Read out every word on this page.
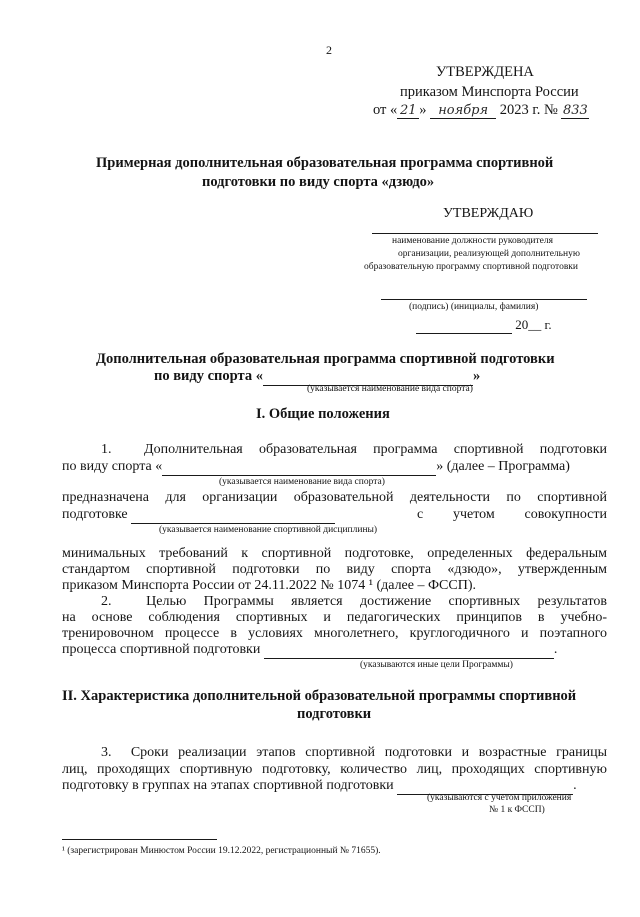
2
УТВЕРЖДЕНА
приказом Минспорта России
от « 21 » ноября 2023 г. № 833
Примерная дополнительная образовательная программа спортивной
подготовки по виду спорта «дзюдо»
УТВЕРЖДАЮ
наименование должности руководителя
организации, реализующей дополнительную
образовательную программу спортивной подготовки
(подпись) (инициалы, фамилия)
20__ г.
Дополнительная образовательная программа спортивной подготовки
по виду спорта «	»
(указывается наименование вида спорта)
I. Общие положения
1.  Дополнительная образовательная программа спортивной подготовки
по виду спорта «	» (далее – Программа)
(указывается наименование вида спорта)
предназначена для организации образовательной деятельности по спортивной
подготовке	с учетом совокупности
(указывается наименование спортивной дисциплины)
минимальных требований к спортивной подготовке, определенных федеральным
стандартом спортивной подготовки по виду спорта «дзюдо», утвержденным
приказом Минспорта России от 24.11.2022 № 1074 ¹ (далее – ФССП).
2.  Целью Программы является достижение спортивных результатов
на основе соблюдения спортивных и педагогических принципов в учебно-
тренировочном процессе в условиях многолетнего, круглогодичного и поэтапного
процесса спортивной подготовки	.
(указываются иные цели Программы)
II. Характеристика дополнительной образовательной программы спортивной
подготовки
3.  Сроки реализации этапов спортивной подготовки и возрастные границы
лиц, проходящих спортивную подготовку, количество лиц, проходящих спортивную
подготовку в группах на этапах спортивной подготовки	.
(указываются с учетом приложения
№ 1 к ФССП)
¹ (зарегистрирован Минюстом России 19.12.2022, регистрационный № 71655).
